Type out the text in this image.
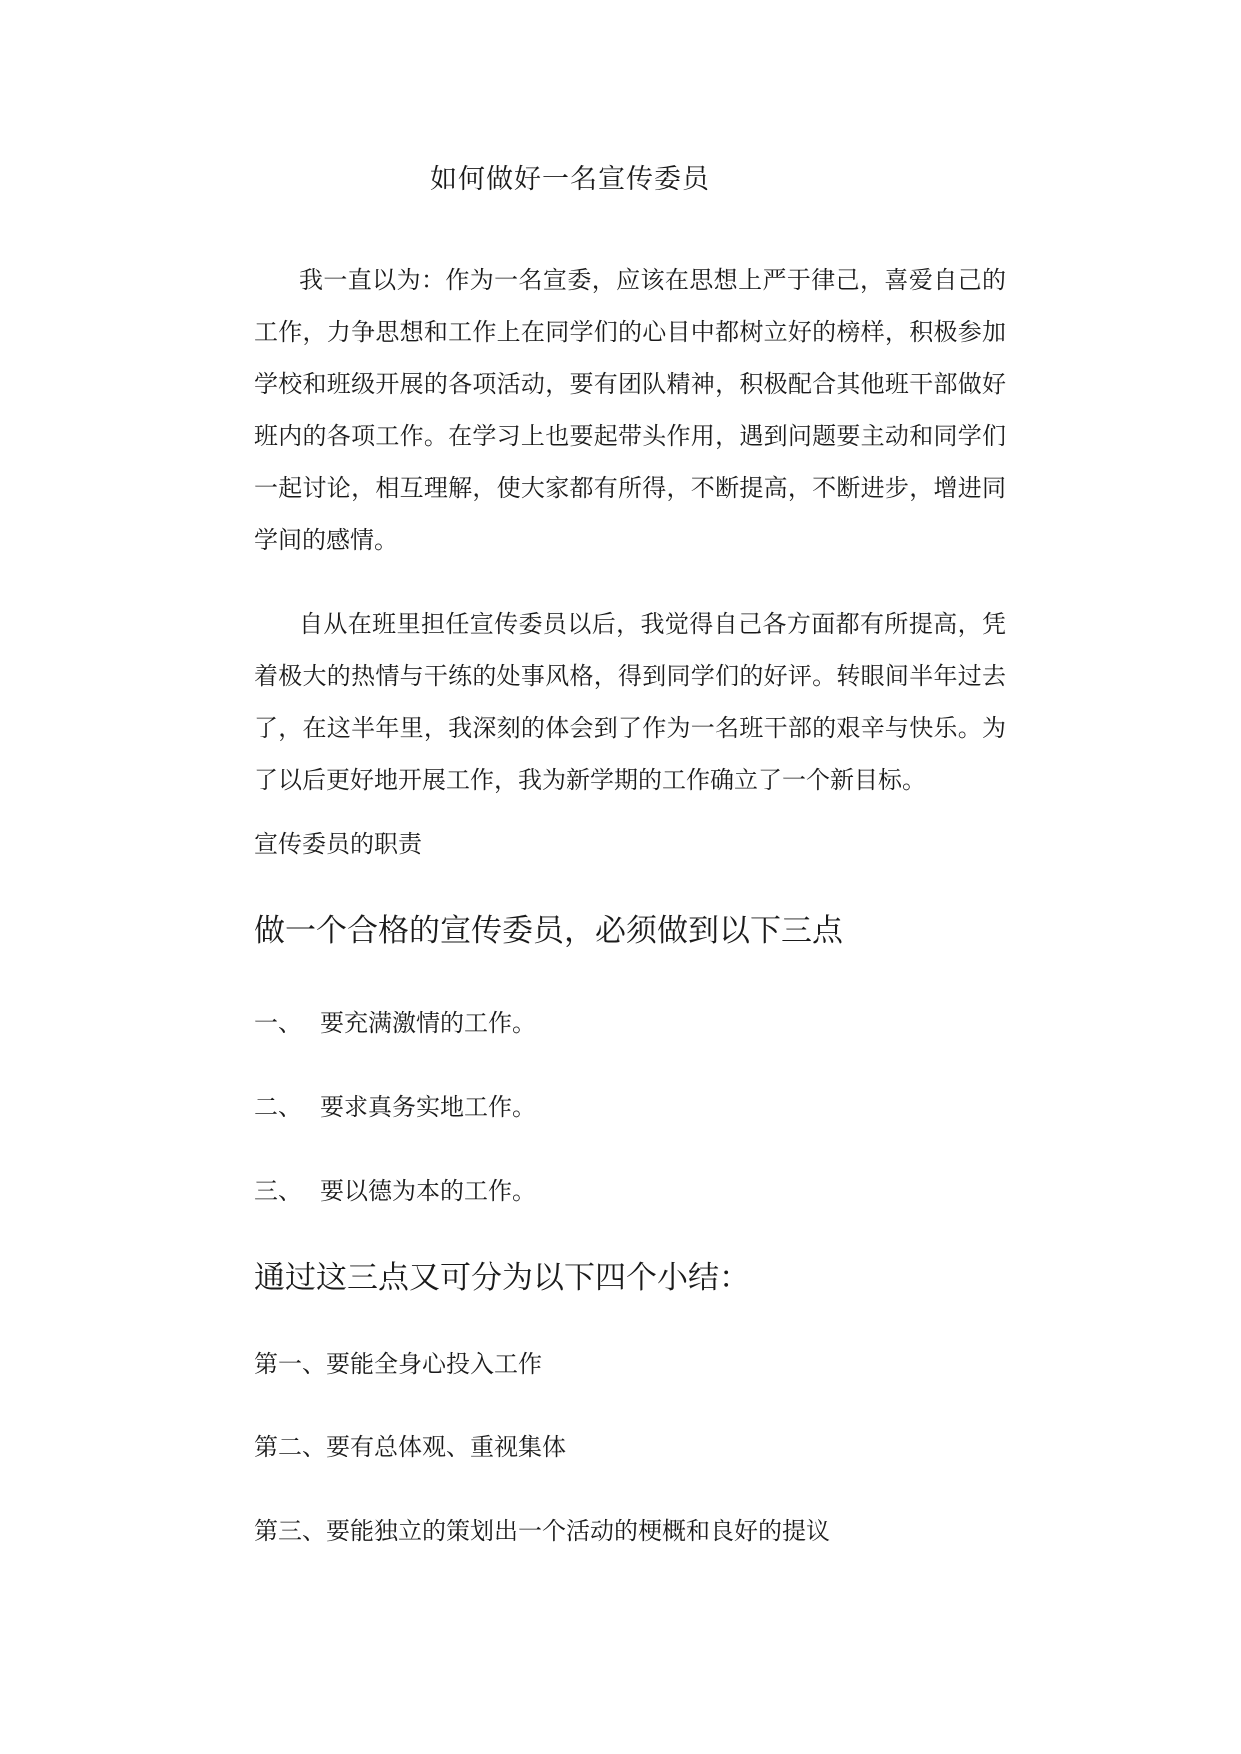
如何做好一名宣传委员

我一直以为：作为一名宣委，应该在思想上严于律己，喜爱自己的工作，力争思想和工作上在同学们的心目中都树立好的榜样，积极参加学校和班级开展的各项活动，要有团队精神，积极配合其他班干部做好班内的各项工作。在学习上也要起带头作用，遇到问题要主动和同学们一起讨论，相互理解，使大家都有所得，不断提高，不断进步，增进同学间的感情。

自从在班里担任宣传委员以后，我觉得自己各方面都有所提高，凭着极大的热情与干练的处事风格，得到同学们的好评。转眼间半年过去了，在这半年里，我深刻的体会到了作为一名班干部的艰辛与快乐。为了以后更好地开展工作，我为新学期的工作确立了一个新目标。

宣传委员的职责

做一个合格的宣传委员，必须做到以下三点

一、 要充满激情的工作。

二、 要求真务实地工作。

三、 要以德为本的工作。

通过这三点又可分为以下四个小结：

第一、要能全身心投入工作

第二、要有总体观、重视集体

第三、要能独立的策划出一个活动的梗概和良好的提议
